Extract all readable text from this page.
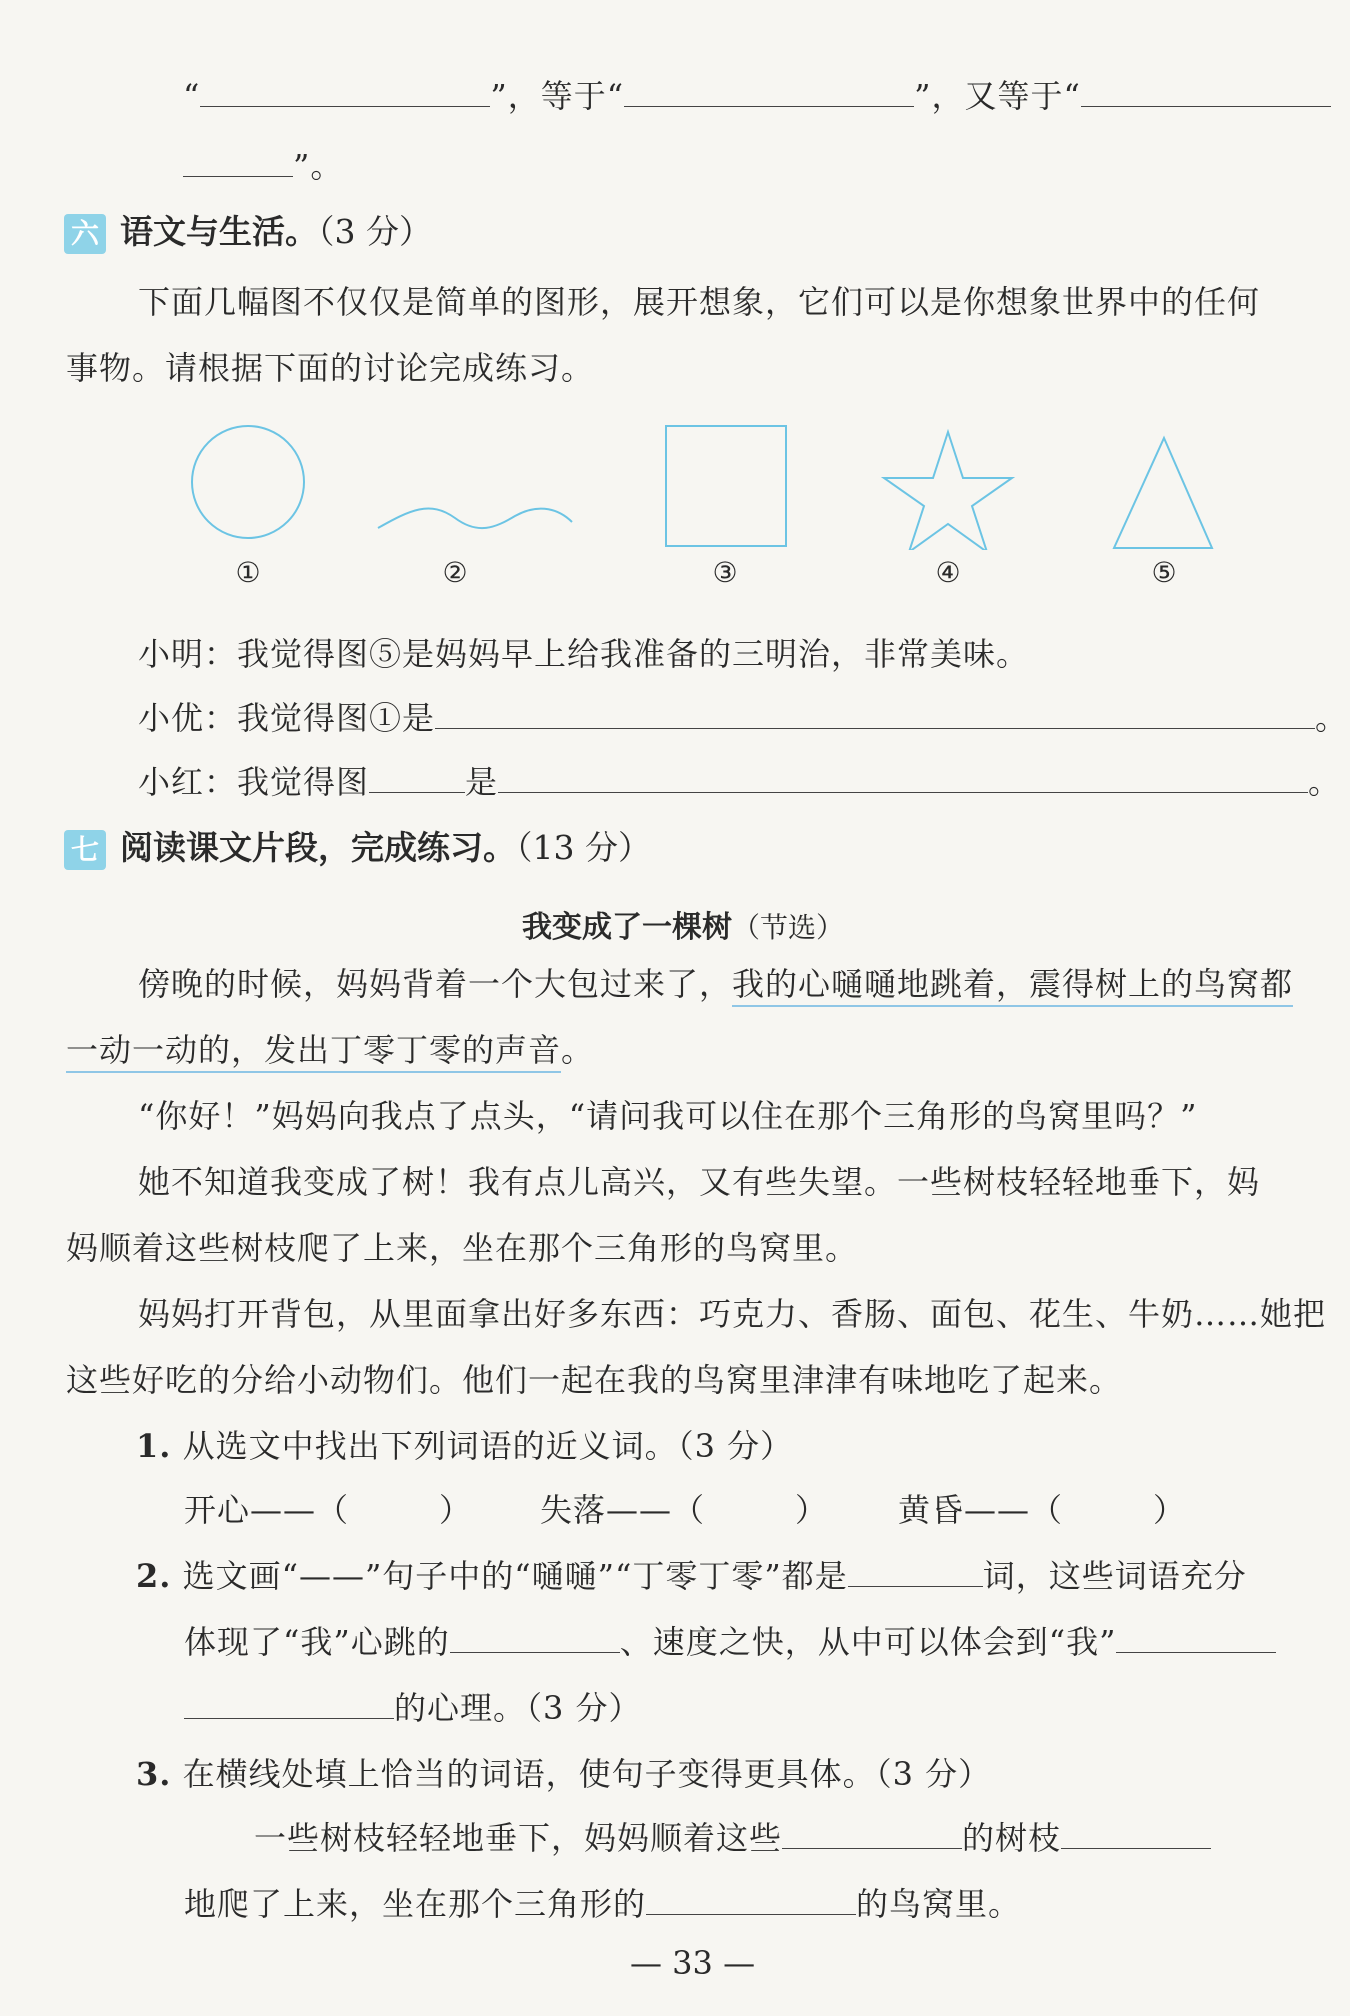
“	”，等于“	”，又等于“
”。
六 语文与生活。（3 分）
下面几幅图不仅仅是简单的图形，展开想象，它们可以是你想象世界中的任何
事物。请根据下面的讨论完成练习。
①	②	③	④	⑤
小明：我觉得图⑤是妈妈早上给我准备的三明治，非常美味。
小优：我觉得图①是	。
小红：我觉得图	是	。
七 阅读课文片段，完成练习。（13 分）
我变成了一棵树（节选）
傍晚的时候，妈妈背着一个大包过来了，我的心嗵嗵地跳着，震得树上的鸟窝都
一动一动的，发出丁零丁零的声音。
“你好！”妈妈向我点了点头，“请问我可以住在那个三角形的鸟窝里吗？”
她不知道我变成了树！我有点儿高兴，又有些失望。一些树枝轻轻地垂下，妈
妈顺着这些树枝爬了上来，坐在那个三角形的鸟窝里。
妈妈打开背包，从里面拿出好多东西：巧克力、香肠、面包、花生、牛奶……她把
这些好吃的分给小动物们。他们一起在我的鸟窝里津津有味地吃了起来。
1. 从选文中找出下列词语的近义词。（3 分）
开心——（	） 失落——（	） 黄昏——（	）
2. 选文画“——”句子中的“嗵嗵”“丁零丁零”都是	词，这些词语充分
体现了“我”心跳的	、速度之快，从中可以体会到“我”
的心理。（3 分）
3. 在横线处填上恰当的词语，使句子变得更具体。（3 分）
一些树枝轻轻地垂下，妈妈顺着这些	的树枝
地爬了上来，坐在那个三角形的	的鸟窝里。
— 33 —
